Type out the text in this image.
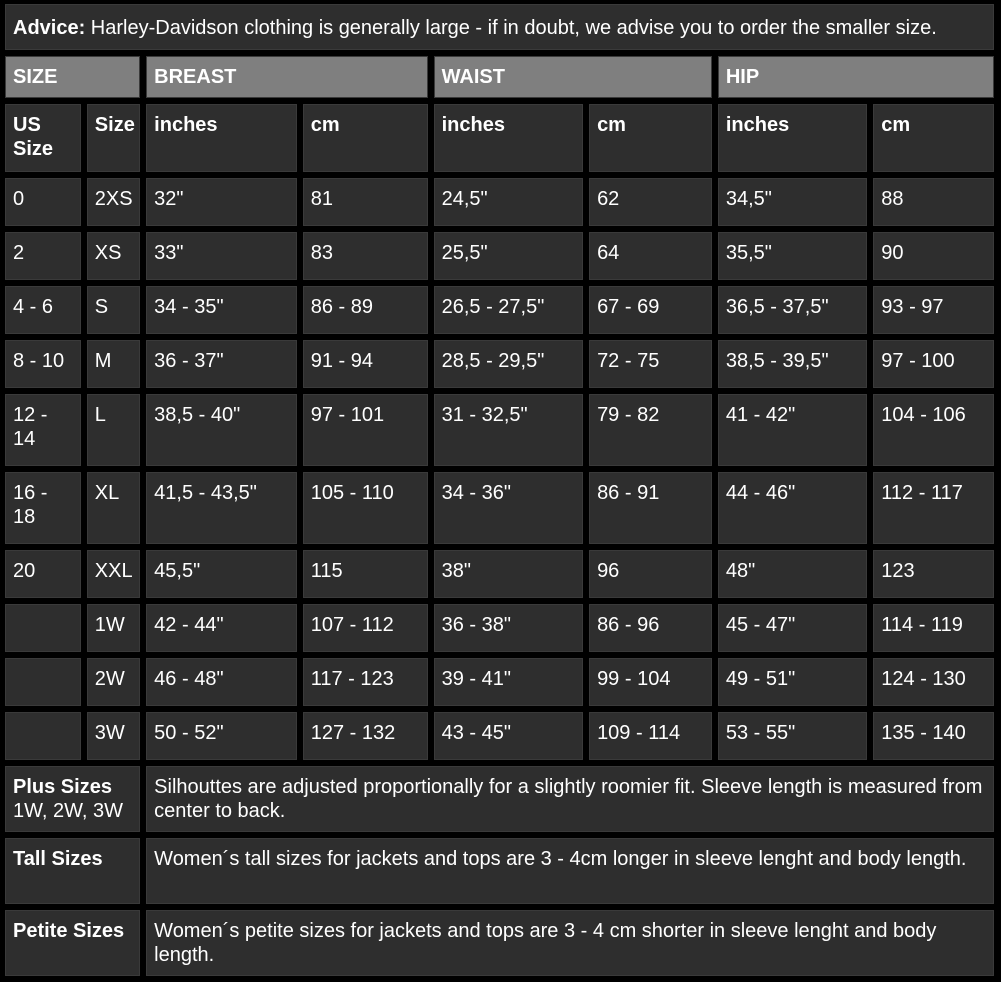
Advice: Harley-Davidson clothing is generally large - if in doubt, we advise you to order the smaller size.							
SIZE		BREAST		WAIST		HIP	
US Size	Size	inches	cm	inches	cm	inches	cm
0	2XS	32"	81	24,5"	62	34,5"	88
2	XS	33"	83	25,5"	64	35,5"	90
4 - 6	S	34 - 35"	86 - 89	26,5 - 27,5"	67 - 69	36,5 - 37,5"	93 - 97
8 - 10	M	36 - 37"	91 - 94	28,5 - 29,5"	72 - 75	38,5 - 39,5"	97 - 100
12 - 14	L	38,5 - 40"	97 - 101	31 - 32,5"	79 - 82	41 - 42"	104 - 106
16 - 18	XL	41,5 - 43,5"	105 - 110	34 - 36"	86 - 91	44 - 46"	112 - 117
20	XXL	45,5"	115	38"	96	48"	123
	1W	42 - 44"	107 - 112	36 - 38"	86 - 96	45 - 47"	114 - 119
	2W	46 - 48"	117 - 123	39 - 41"	99 - 104	49 - 51"	124 - 130
	3W	50 - 52"	127 - 132	43 - 45"	109 - 114	53 - 55"	135 - 140
Plus Sizes
1W, 2W, 3W		Silhouttes are adjusted proportionally for a slightly roomier fit. Sleeve length is measured from center to back.					
Tall Sizes		Women´s tall sizes for jackets and tops are 3 - 4cm longer in sleeve lenght and body length.					
Petite Sizes		Women´s petite sizes for jackets and tops are 3 - 4 cm shorter in sleeve lenght and body length.					
